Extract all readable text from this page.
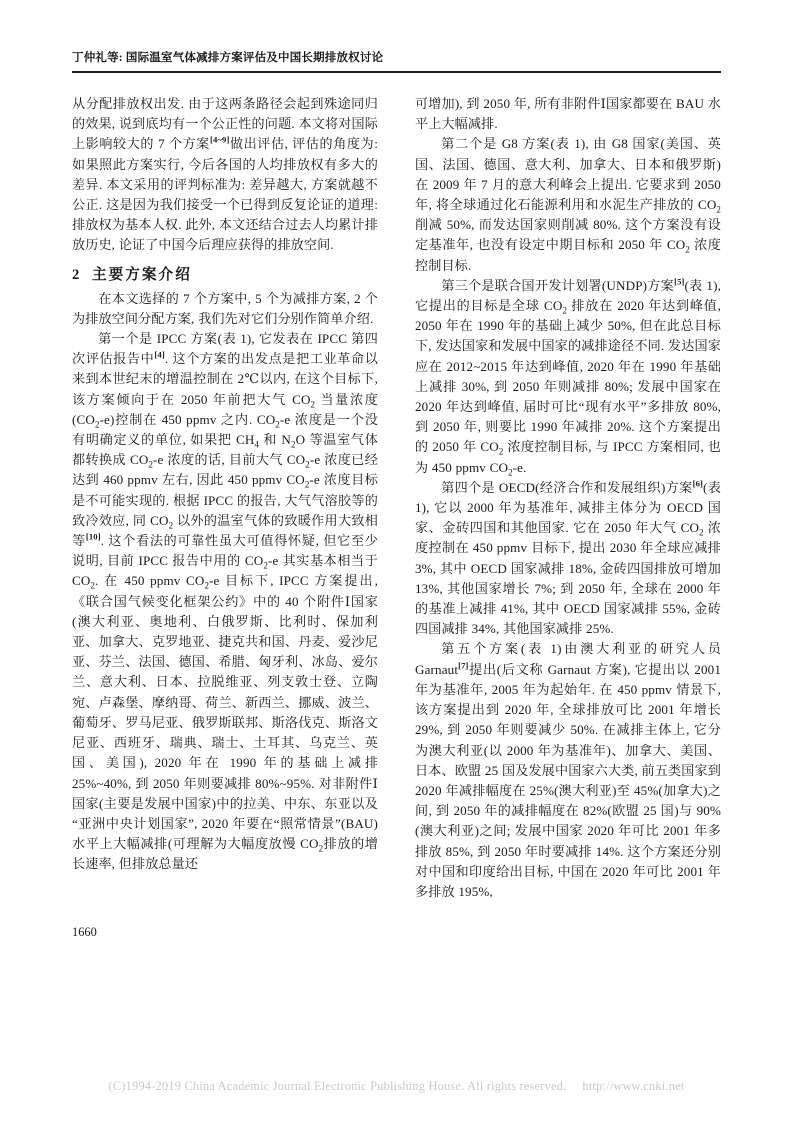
丁仲礼等: 国际温室气体减排方案评估及中国长期排放权讨论

从分配排放权出发. 由于这两条路径会起到殊途同归的效果, 说到底均有一个公正性的问题. 本文将对国际上影响较大的 7 个方案[4~9]做出评估, 评估的角度为: 如果照此方案实行, 今后各国的人均排放权有多大的差异. 本文采用的评判标准为: 差异越大, 方案就越不公正. 这是因为我们接受一个已得到反复论证的道理: 排放权为基本人权. 此外, 本文还结合过去人均累计排放历史, 论证了中国今后理应获得的排放空间.

2 主要方案介绍

在本文选择的 7 个方案中, 5 个为减排方案, 2 个为排放空间分配方案, 我们先对它们分别作简单介绍.

第一个是 IPCC 方案(表 1), 它发表在 IPCC 第四次评估报告中[4]. 这个方案的出发点是把工业革命以来到本世纪末的增温控制在 2℃以内, 在这个目标下, 该方案倾向于在 2050 年前把大气 $CO_2$ 当量浓度$(CO_2-e)$控制在 450 ppmv 之内. $CO_2-e$ 浓度是一个没有明确定义的单位, 如果把 $CH_4$ 和 $N_2O$ 等温室气体都转换成 $CO_2-e$ 浓度的话, 目前大气 $CO_2-e$ 浓度已经达到 460 ppmv 左右, 因此 450 ppmv $CO_2-e$ 浓度目标是不可能实现的. 根据 IPCC 的报告, 大气气溶胶等的致冷效应, 同 $CO_2$ 以外的温室气体的致暖作用大致相等[10]. 这个看法的可靠性虽大可值得怀疑, 但它至少说明, 目前 IPCC 报告中用的 $CO_2-e$ 其实基本相当于 $CO_2$. 在 450 ppmv $CO_2-e$ 目标下, IPCC 方案提出, 《联合国气候变化框架公约》中的 40 个附件Ⅰ国家(澳大利亚、奥地利、白俄罗斯、比利时、保加利亚、加拿大、克罗地亚、捷克共和国、丹麦、爱沙尼亚、芬兰、法国、德国、希腊、匈牙利、冰岛、爱尔兰、意大利、日本、拉脱维亚、列支敦士登、立陶宛、卢森堡、摩纳哥、荷兰、新西兰、挪威、波兰、葡萄牙、罗马尼亚、俄罗斯联邦、斯洛伐克、斯洛文尼亚、西班牙、瑞典、瑞士、土耳其、乌克兰、英国、美国), 2020 年在 1990 年的基础上减排 25%~40%, 到 2050 年则要减排 80%~95%. 对非附件Ⅰ国家(主要是发展中国家)中的拉美、中东、东亚以及“亚洲中央计划国家”, 2020 年要在“照常情景”(BAU)水平上大幅减排(可理解为大幅度放慢 $CO_2$排放的增长速率, 但排放总量还

可增加), 到 2050 年, 所有非附件Ⅰ国家都要在 BAU 水平上大幅减排.

第二个是 G8 方案(表 1), 由 G8 国家(美国、英国、法国、德国、意大利、加拿大、日本和俄罗斯)在 2009 年 7 月的意大利峰会上提出. 它要求到 2050 年, 将全球通过化石能源利用和水泥生产排放的 $CO_2$ 削减 50%, 而发达国家则削减 80%. 这个方案没有设定基准年, 也没有设定中期目标和 2050 年 $CO_2$ 浓度控制目标.

第三个是联合国开发计划署(UNDP)方案[5](表 1), 它提出的目标是全球 $CO_2$ 排放在 2020 年达到峰值, 2050 年在 1990 年的基础上减少 50%, 但在此总目标下, 发达国家和发展中国家的减排途径不同. 发达国家应在 2012~2015 年达到峰值, 2020 年在 1990 年基础上减排 30%, 到 2050 年则减排 80%; 发展中国家在 2020 年达到峰值, 届时可比“现有水平”多排放 80%, 到 2050 年, 则要比 1990 年减排 20%. 这个方案提出的 2050 年 $CO_2$ 浓度控制目标, 与 IPCC 方案相同, 也为 450 ppmv $CO_2-e$.

第四个是 OECD(经济合作和发展组织)方案[6](表 1), 它以 2000 年为基准年, 减排主体分为 OECD 国家、金砖四国和其他国家. 它在 2050 年大气 $CO_2$ 浓度控制在 450 ppmv 目标下, 提出 2030 年全球应减排 3%, 其中 OECD 国家减排 18%, 金砖四国排放可增加 13%, 其他国家增长 7%; 到 2050 年, 全球在 2000 年的基准上减排 41%, 其中 OECD 国家减排 55%, 金砖四国减排 34%, 其他国家减排 25%.

第五个方案(表 1)由澳大利亚的研究人员 Garnaut[7]提出(后文称 Garnaut 方案), 它提出以 2001 年为基准年, 2005 年为起始年. 在 450 ppmv 情景下, 该方案提出到 2020 年, 全球排放可比 2001 年增长 29%, 到 2050 年则要减少 50%. 在减排主体上, 它分为澳大利亚(以 2000 年为基准年)、加拿大、美国、日本、欧盟 25 国及发展中国家六大类, 前五类国家到 2020 年减排幅度在 25%(澳大利亚)至 45%(加拿大)之间, 到 2050 年的减排幅度在 82%(欧盟 25 国)与 90%(澳大利亚)之间; 发展中国家 2020 年可比 2001 年多排放 85%, 到 2050 年时要减排 14%. 这个方案还分别对中国和印度给出目标, 中国在 2020 年可比 2001 年多排放 195%,

1660
(C)1994-2019 China Academic Journal Electronic Publishing House. All rights reserved. http://www.cnki.net
